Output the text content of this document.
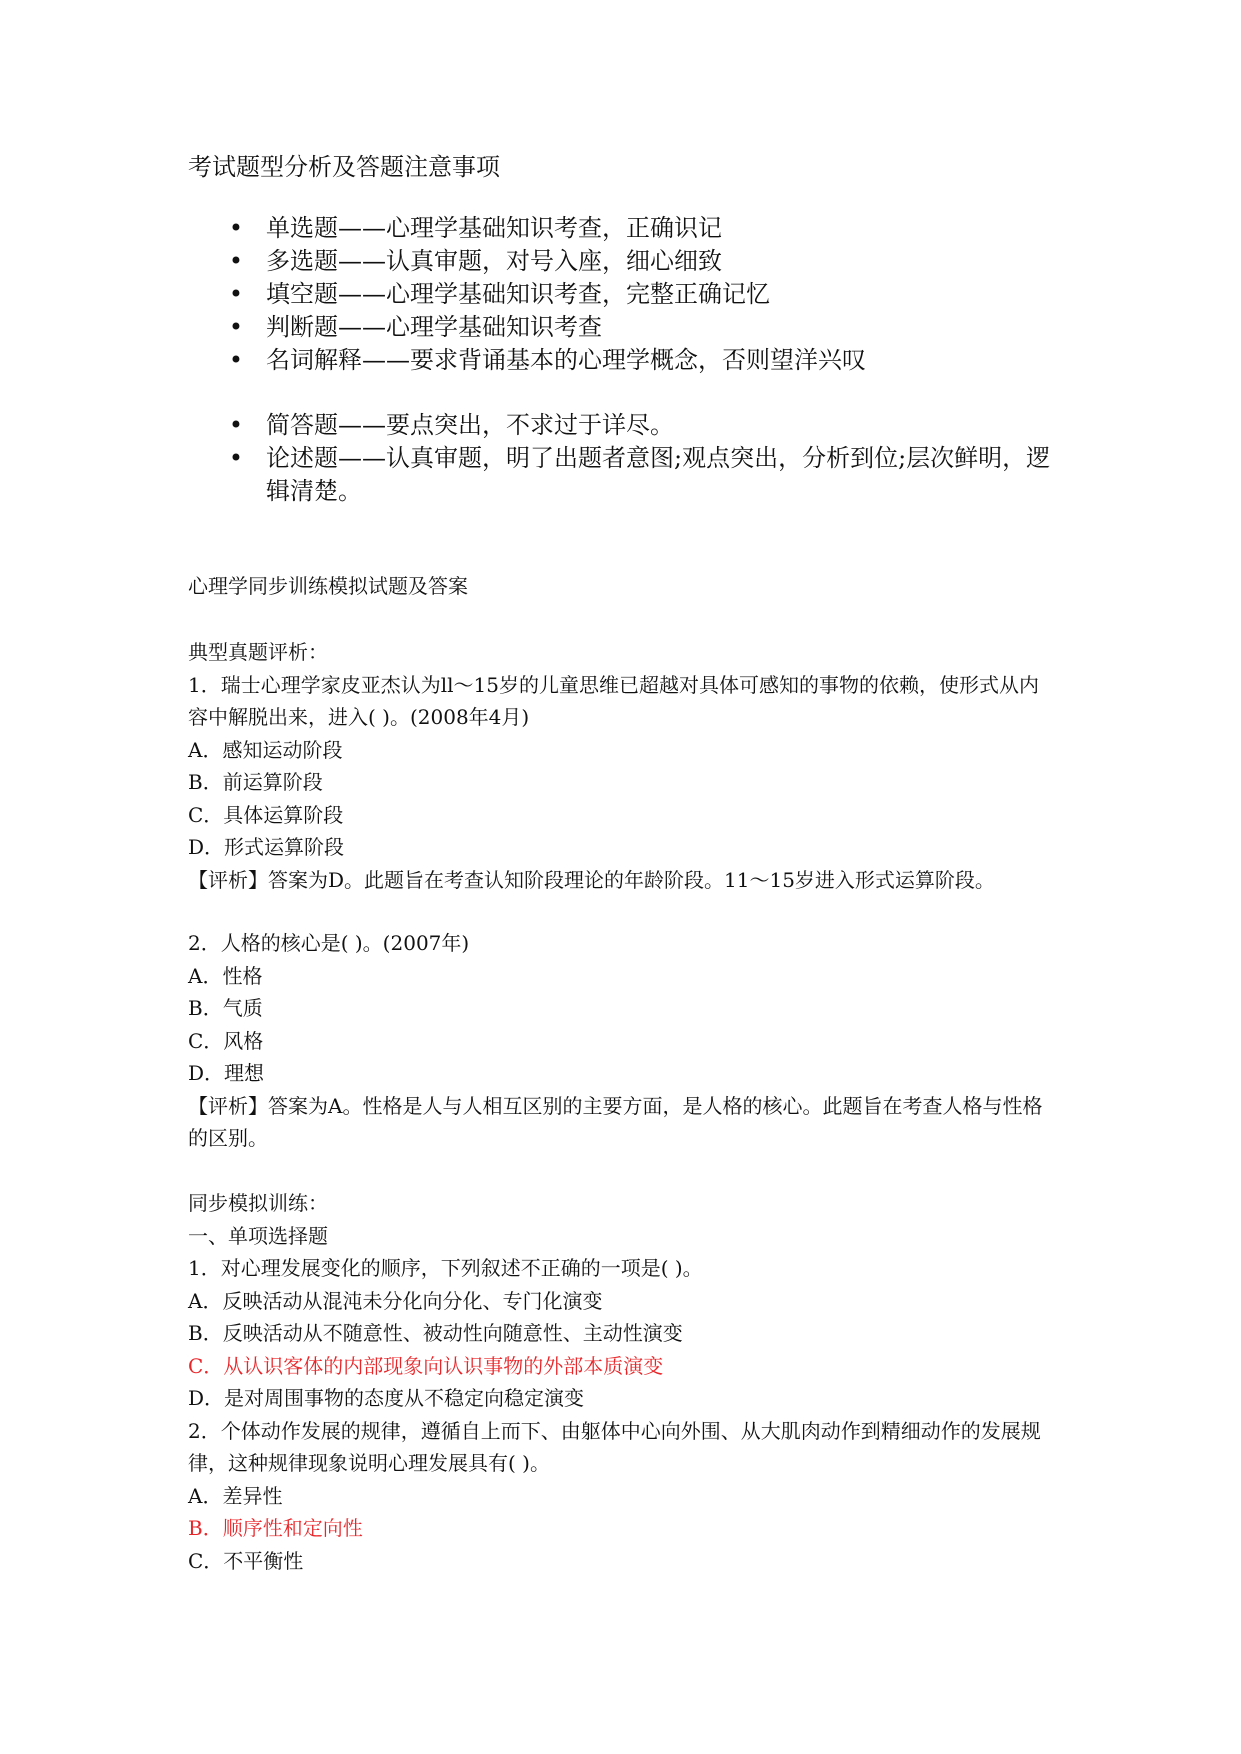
考试题型分析及答题注意事项
• 单选题——心理学基础知识考查，正确识记
• 多选题——认真审题，对号入座，细心细致
• 填空题——心理学基础知识考查，完整正确记忆
• 判断题——心理学基础知识考查
• 名词解释——要求背诵基本的心理学概念，否则望洋兴叹
• 简答题——要点突出，不求过于详尽。
• 论述题——认真审题，明了出题者意图;观点突出，分析到位;层次鲜明，逻辑清楚。
心理学同步训练模拟试题及答案
典型真题评析：
1．瑞士心理学家皮亚杰认为ll～15岁的儿童思维已超越对具体可感知的事物的依赖，使形式从内容中解脱出来，进入( )。(2008年4月)
A．感知运动阶段
B．前运算阶段
C．具体运算阶段
D．形式运算阶段
【评析】答案为D。此题旨在考查认知阶段理论的年龄阶段。11～15岁进入形式运算阶段。
2．人格的核心是( )。(2007年)
A．性格
B．气质
C．风格
D．理想
【评析】答案为A。性格是人与人相互区别的主要方面，是人格的核心。此题旨在考查人格与性格的区别。
同步模拟训练：
一、单项选择题
1．对心理发展变化的顺序，下列叙述不正确的一项是( )。
A．反映活动从混沌未分化向分化、专门化演变
B．反映活动从不随意性、被动性向随意性、主动性演变
C．从认识客体的内部现象向认识事物的外部本质演变
D．是对周围事物的态度从不稳定向稳定演变
2．个体动作发展的规律，遵循自上而下、由躯体中心向外围、从大肌肉动作到精细动作的发展规律，这种规律现象说明心理发展具有( )。
A．差异性
B．顺序性和定向性
C．不平衡性
